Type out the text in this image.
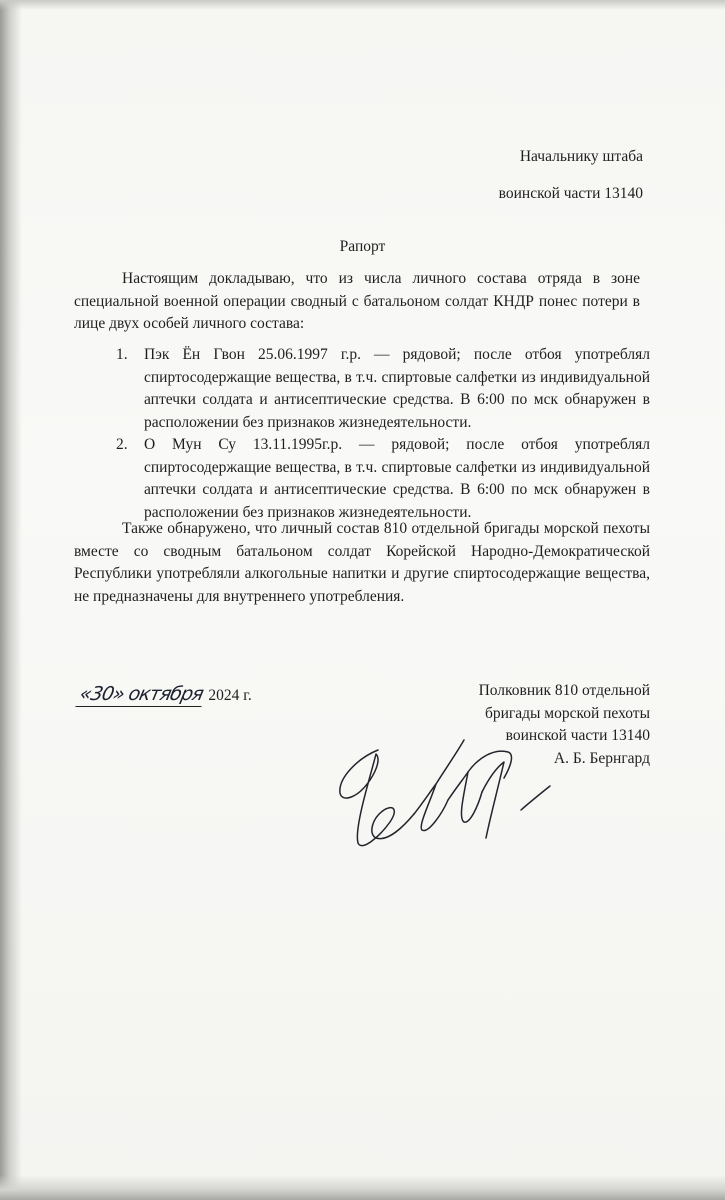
Начальнику штаба
воинской части 13140
Рапорт
Настоящим докладываю, что из числа личного состава отряда в зоне специальной военной операции сводный с батальоном солдат КНДР понес потери в лице двух особей личного состава:
1. Пэк Ён Гвон 25.06.1997 г.р. — рядовой; после отбоя употреблял спиртосодержащие вещества, в т.ч. спиртовые салфетки из индивидуальной аптечки солдата и антисептические средства. В 6:00 по мск обнаружен в расположении без признаков жизнедеятельности.
2. О Мун Су 13.11.1995г.р. — рядовой; после отбоя употреблял спиртосодержащие вещества, в т.ч. спиртовые салфетки из индивидуальной аптечки солдата и антисептические средства. В 6:00 по мск обнаружен в расположении без признаков жизнедеятельности.
Также обнаружено, что личный состав 810 отдельной бригады морской пехоты вместе со сводным батальоном солдат Корейской Народно-Демократической Республики употребляли алкогольные напитки и другие спиртосодержащие вещества, не предназначены для внутреннего употребления.
«30» октября 2024 г.	Полковник 810 отдельной
бригады морской пехоты
воинской части 13140
А. Б. Бернгард
